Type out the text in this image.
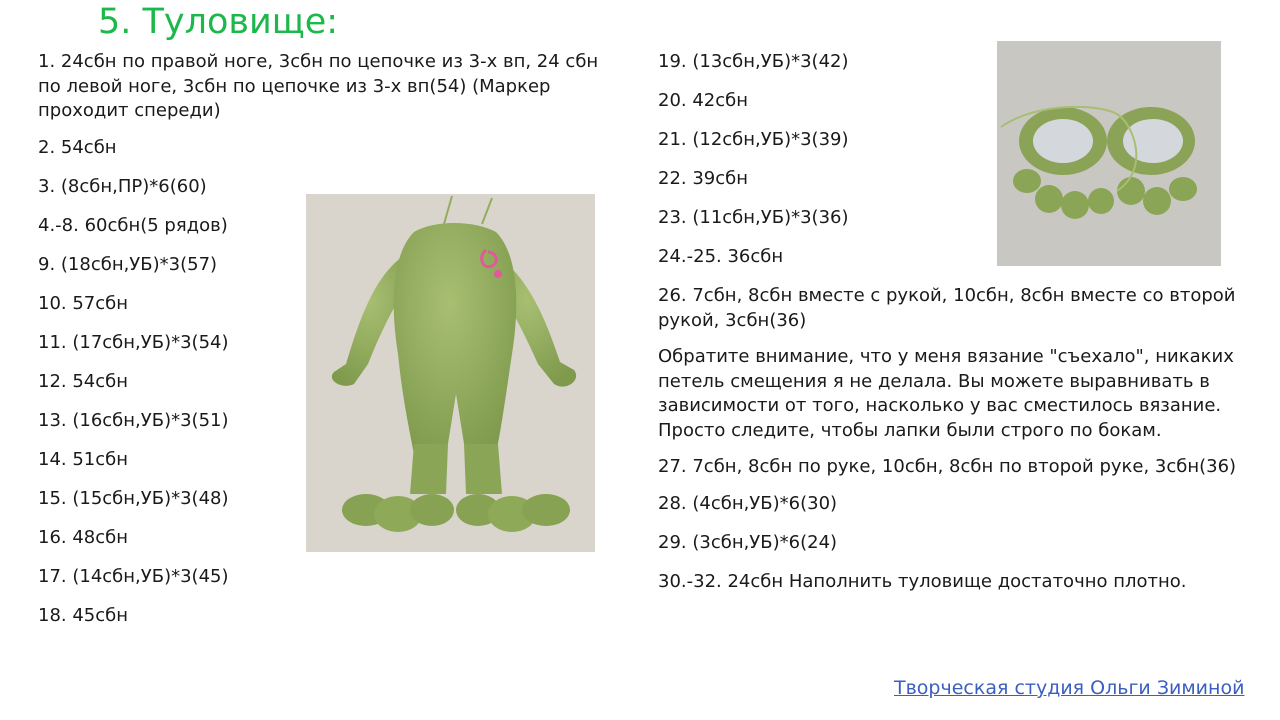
5. Туловище:
1. 24сбн по правой ноге, 3сбн по цепочке из 3-х вп, 24 сбн по левой ноге, 3сбн по цепочке из 3-х вп(54) (Маркер проходит спереди)
2. 54сбн
3. (8сбн,ПР)*6(60)
4.-8. 60сбн(5 рядов)
9. (18сбн,УБ)*3(57)
10. 57сбн
11. (17сбн,УБ)*3(54)
12. 54сбн
13. (16сбн,УБ)*3(51)
14. 51сбн
15. (15сбн,УБ)*3(48)
16. 48сбн
17. (14сбн,УБ)*3(45)
18. 45сбн
19. (13сбн,УБ)*3(42)
20. 42сбн
21. (12сбн,УБ)*3(39)
22. 39сбн
23. (11сбн,УБ)*3(36)
24.-25. 36сбн
26. 7сбн, 8сбн вместе с рукой, 10сбн, 8сбн вместе со второй рукой, 3сбн(36)
Обратите внимание, что у меня вязание "съехало", никаких петель смещения я не делала. Вы можете выравнивать в зависимости от того, насколько у вас сместилось вязание. Просто следите, чтобы лапки были строго по бокам.
27. 7сбн, 8сбн по руке, 10сбн, 8сбн по второй руке, 3сбн(36)
28. (4сбн,УБ)*6(30)
29. (3сбн,УБ)*6(24)
30.-32. 24сбн Наполнить туловище достаточно плотно.
Творческая студия Ольги Зиминой
